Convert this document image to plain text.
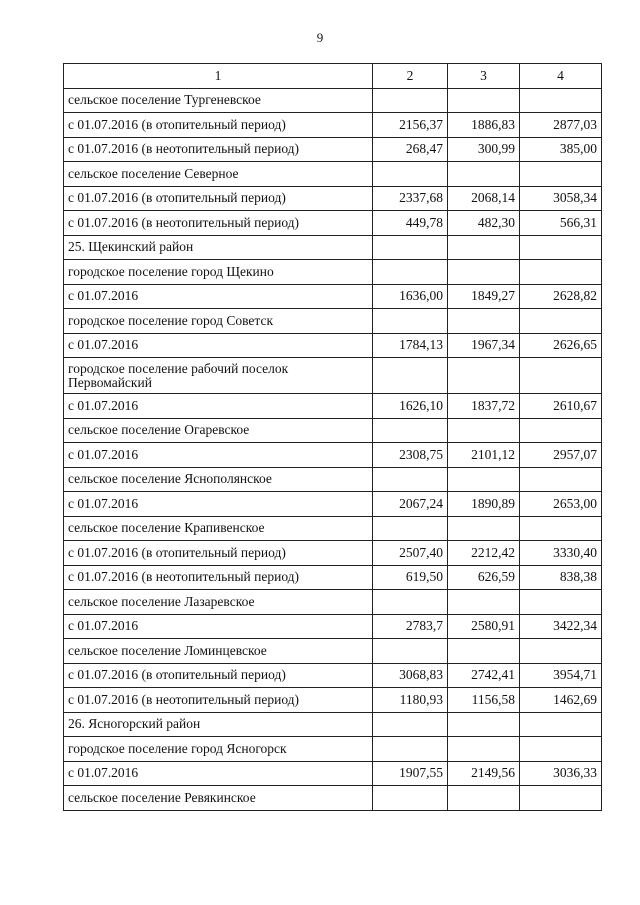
9
1	2	3	4
сельское поселение Тургеневское			
с 01.07.2016 (в отопительный период)	2156,37	1886,83	2877,03
с 01.07.2016 (в неотопительный период)	268,47	300,99	385,00
сельское поселение Северное			
с 01.07.2016 (в отопительный период)	2337,68	2068,14	3058,34
с 01.07.2016 (в неотопительный период)	449,78	482,30	566,31
25. Щекинский район			
городское поселение город Щекино			
с 01.07.2016	1636,00	1849,27	2628,82
городское поселение город Советск			
с 01.07.2016	1784,13	1967,34	2626,65
городское поселение рабочий поселок Первомайский			
с 01.07.2016	1626,10	1837,72	2610,67
сельское поселение Огаревское			
с 01.07.2016	2308,75	2101,12	2957,07
сельское поселение Яснополянское			
с 01.07.2016	2067,24	1890,89	2653,00
сельское поселение Крапивенское			
с 01.07.2016 (в отопительный период)	2507,40	2212,42	3330,40
с 01.07.2016 (в неотопительный период)	619,50	626,59	838,38
сельское поселение Лазаревское			
с 01.07.2016	2783,7	2580,91	3422,34
сельское поселение Ломинцевское			
с 01.07.2016 (в отопительный период)	3068,83	2742,41	3954,71
с 01.07.2016 (в неотопительный период)	1180,93	1156,58	1462,69
26. Ясногорский район			
городское поселение город Ясногорск			
с 01.07.2016	1907,55	2149,56	3036,33
сельское поселение Ревякинское			
